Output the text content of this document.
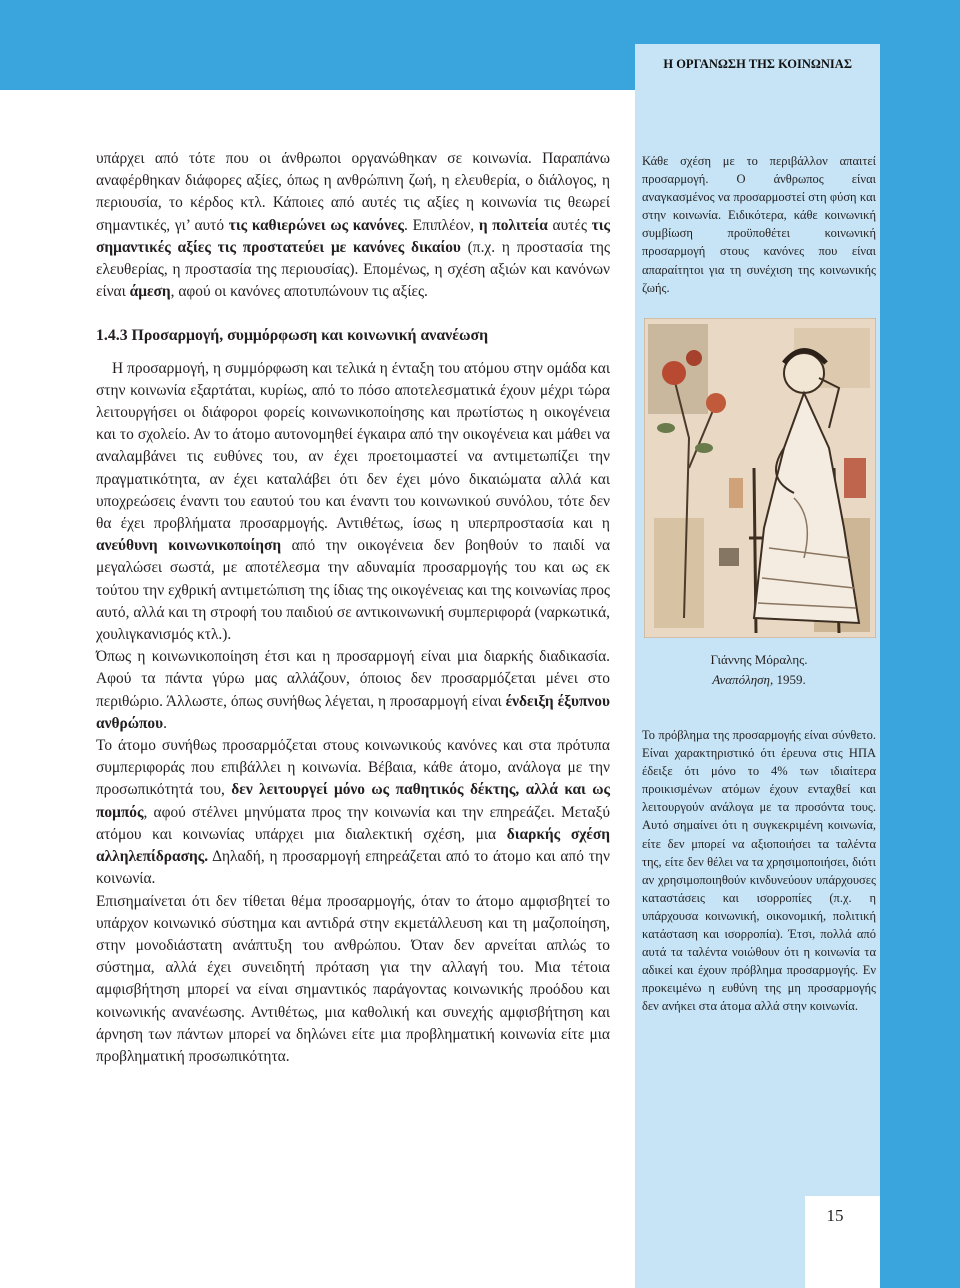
Η ΟΡΓΑΝΩΣΗ ΤΗΣ ΚΟΙΝΩΝΙΑΣ
15

υπάρχει από τότε που οι άνθρωποι οργανώθηκαν σε κοινωνία. Παραπάνω αναφέρθηκαν διάφορες αξίες, όπως η ανθρώπινη ζωή, η ελευθερία, ο διάλογος, η περιουσία, το κέρδος κτλ. Κάποιες από αυτές τις αξίες η κοινωνία τις θεωρεί σημαντικές, γι’ αυτό τις καθιερώνει ως κανόνες. Επιπλέον, η πολιτεία αυτές τις σημαντικές αξίες τις προστατεύει με κανόνες δικαίου (π.χ. η προστασία της ελευθερίας, η προστασία της περιουσίας). Επομένως, η σχέση αξιών και κανόνων είναι άμεση, αφού οι κανόνες αποτυπώνουν τις αξίες.

1.4.3 Προσαρμογή, συμμόρφωση και κοινωνική ανανέωση

Η προσαρμογή, η συμμόρφωση και τελικά η ένταξη του ατόμου στην ομάδα και στην κοινωνία εξαρτάται, κυρίως, από το πόσο αποτελεσματικά έχουν μέχρι τώρα λειτουργήσει οι διάφοροι φορείς κοινωνικοποίησης και πρωτίστως η οικογένεια και το σχολείο. Αν το άτομο αυτονομηθεί έγκαιρα από την οικογένεια και μάθει να αναλαμβάνει τις ευθύνες του, αν έχει προετοιμαστεί να αντιμετωπίζει την πραγματικότητα, αν έχει καταλάβει ότι δεν έχει μόνο δικαιώματα αλλά και υποχρεώσεις έναντι του εαυτού του και έναντι του κοινωνικού συνόλου, τότε δεν θα έχει προβλήματα προσαρμογής. Αντιθέτως, ίσως η υπερπροστασία και η ανεύθυνη κοινωνικοποίηση από την οικογένεια δεν βοηθούν το παιδί να μεγαλώσει σωστά, με αποτέλεσμα την αδυναμία προσαρμογής του και ως εκ τούτου την εχθρική αντιμετώπιση της ίδιας της οικογένειας και της κοινωνίας προς αυτό, αλλά και τη στροφή του παιδιού σε αντικοινωνική συμπεριφορά (ναρκωτικά, χουλιγκανισμός κτλ.).

Όπως η κοινωνικοποίηση έτσι και η προσαρμογή είναι μια διαρκής διαδικασία. Αφού τα πάντα γύρω μας αλλάζουν, όποιος δεν προσαρμόζεται μένει στο περιθώριο. Άλλωστε, όπως συνήθως λέγεται, η προσαρμογή είναι ένδειξη έξυπνου ανθρώπου.

Το άτομο συνήθως προσαρμόζεται στους κοινωνικούς κανόνες και στα πρότυπα συμπεριφοράς που επιβάλλει η κοινωνία. Βέβαια, κάθε άτομο, ανάλογα με την προσωπικότητά του, δεν λειτουργεί μόνο ως παθητικός δέκτης, αλλά και ως πομπός, αφού στέλνει μηνύματα προς την κοινωνία και την επηρεάζει. Μεταξύ ατόμου και κοινωνίας υπάρχει μια διαλεκτική σχέση, μια διαρκής σχέση αλληλεπίδρασης. Δηλαδή, η προσαρμογή επηρεάζεται από το άτομο και από την κοινωνία.

Επισημαίνεται ότι δεν τίθεται θέμα προσαρμογής, όταν το άτομο αμφισβητεί το υπάρχον κοινωνικό σύστημα και αντιδρά στην εκμετάλλευση και τη μαζοποίηση, στην μονοδιάστατη ανάπτυξη του ανθρώπου. Όταν δεν αρνείται απλώς το σύστημα, αλλά έχει συνειδητή πρόταση για την αλλαγή του. Μια τέτοια αμφισβήτηση μπορεί να είναι σημαντικός παράγοντας κοινωνικής προόδου και κοινωνικής ανανέωσης. Αντιθέτως, μια καθολική και συνεχής αμφισβήτηση και άρνηση των πάντων μπορεί να δηλώνει είτε μια προβληματική κοινωνία είτε μια προβληματική προσωπικότητα.

Κάθε σχέση με το περιβάλλον απαιτεί προσαρμογή. Ο άνθρωπος είναι αναγκασμένος να προσαρμοστεί στη φύση και στην κοινωνία. Ειδικότερα, κάθε κοινωνική συμβίωση προϋποθέτει κοινωνική προσαρμογή στους κανόνες που είναι απαραίτητοι για τη συνέχιση της κοινωνικής ζωής.

Γιάννης Μόραλης.
Αναπόληση, 1959.

Το πρόβλημα της προσαρμογής είναι σύνθετο. Είναι χαρακτηριστικό ότι έρευνα στις ΗΠΑ έδειξε ότι μόνο το 4% των ιδιαίτερα προικισμένων ατόμων έχουν ενταχθεί και λειτουργούν ανάλογα με τα προσόντα τους. Αυτό σημαίνει ότι η συγκεκριμένη κοινωνία, είτε δεν μπορεί να αξιοποιήσει τα ταλέντα της, είτε δεν θέλει να τα χρησιμοποιήσει, διότι αν χρησιμοποιηθούν κινδυνεύουν υπάρχουσες καταστάσεις και ισορροπίες (π.χ. η υπάρχουσα κοινωνική, οικονομική, πολιτική κατάσταση και ισορροπία). Έτσι, πολλά από αυτά τα ταλέντα νοιώθουν ότι η κοινωνία τα αδικεί και έχουν πρόβλημα προσαρμογής. Εν προκειμένω η ευθύνη της μη προσαρμογής δεν ανήκει στα άτομα αλλά στην κοινωνία.
